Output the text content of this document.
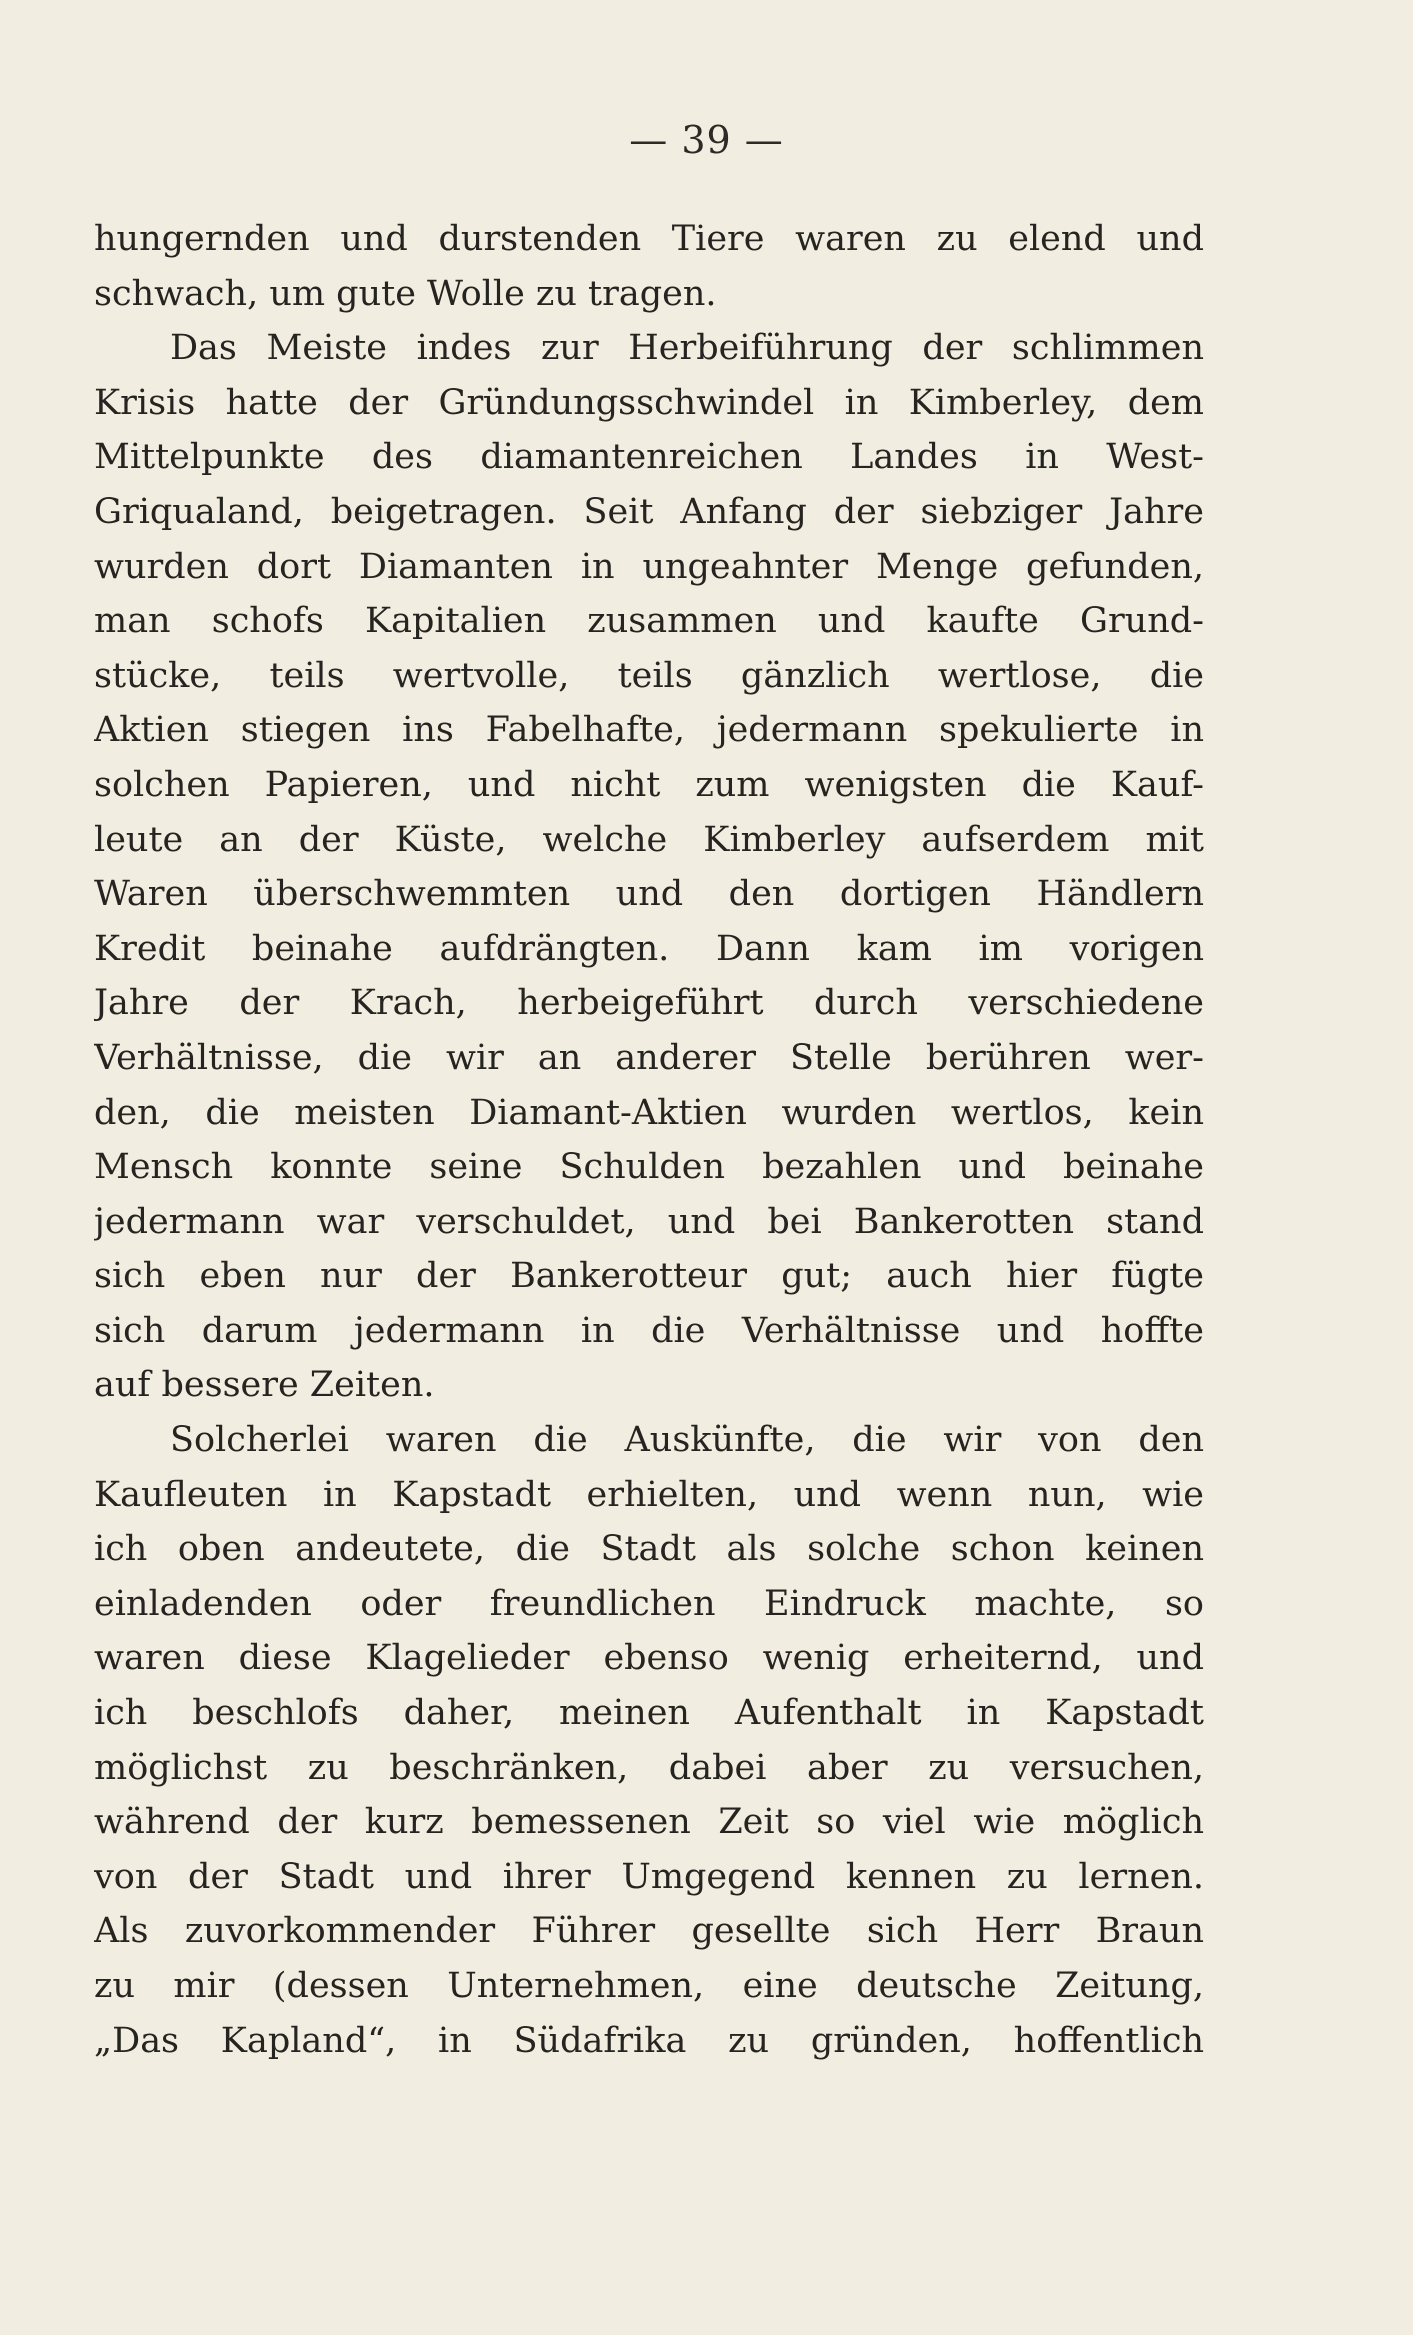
— 39 —
hungernden und durstenden Tiere waren zu elend und
schwach, um gute Wolle zu tragen.
Das Meiste indes zur Herbeiführung der schlimmen
Krisis hatte der Gründungsschwindel in Kimberley, dem
Mittelpunkte des diamantenreichen Landes in West-
Griqualand, beigetragen. Seit Anfang der siebziger Jahre
wurden dort Diamanten in ungeahnter Menge gefunden,
man schofs Kapitalien zusammen und kaufte Grund-
stücke, teils wertvolle, teils gänzlich wertlose, die
Aktien stiegen ins Fabelhafte, jedermann spekulierte in
solchen Papieren, und nicht zum wenigsten die Kauf-
leute an der Küste, welche Kimberley aufserdem mit
Waren überschwemmten und den dortigen Händlern
Kredit beinahe aufdrängten. Dann kam im vorigen
Jahre der Krach, herbeigeführt durch verschiedene
Verhältnisse, die wir an anderer Stelle berühren wer-
den, die meisten Diamant-Aktien wurden wertlos, kein
Mensch konnte seine Schulden bezahlen und beinahe
jedermann war verschuldet, und bei Bankerotten stand
sich eben nur der Bankerotteur gut; auch hier fügte
sich darum jedermann in die Verhältnisse und hoffte
auf bessere Zeiten.
Solcherlei waren die Auskünfte, die wir von den
Kaufleuten in Kapstadt erhielten, und wenn nun, wie
ich oben andeutete, die Stadt als solche schon keinen
einladenden oder freundlichen Eindruck machte, so
waren diese Klagelieder ebenso wenig erheiternd, und
ich beschlofs daher, meinen Aufenthalt in Kapstadt
möglichst zu beschränken, dabei aber zu versuchen,
während der kurz bemessenen Zeit so viel wie möglich
von der Stadt und ihrer Umgegend kennen zu lernen.
Als zuvorkommender Führer gesellte sich Herr Braun
zu mir (dessen Unternehmen, eine deutsche Zeitung,
„Das Kapland“, in Südafrika zu gründen, hoffentlich
